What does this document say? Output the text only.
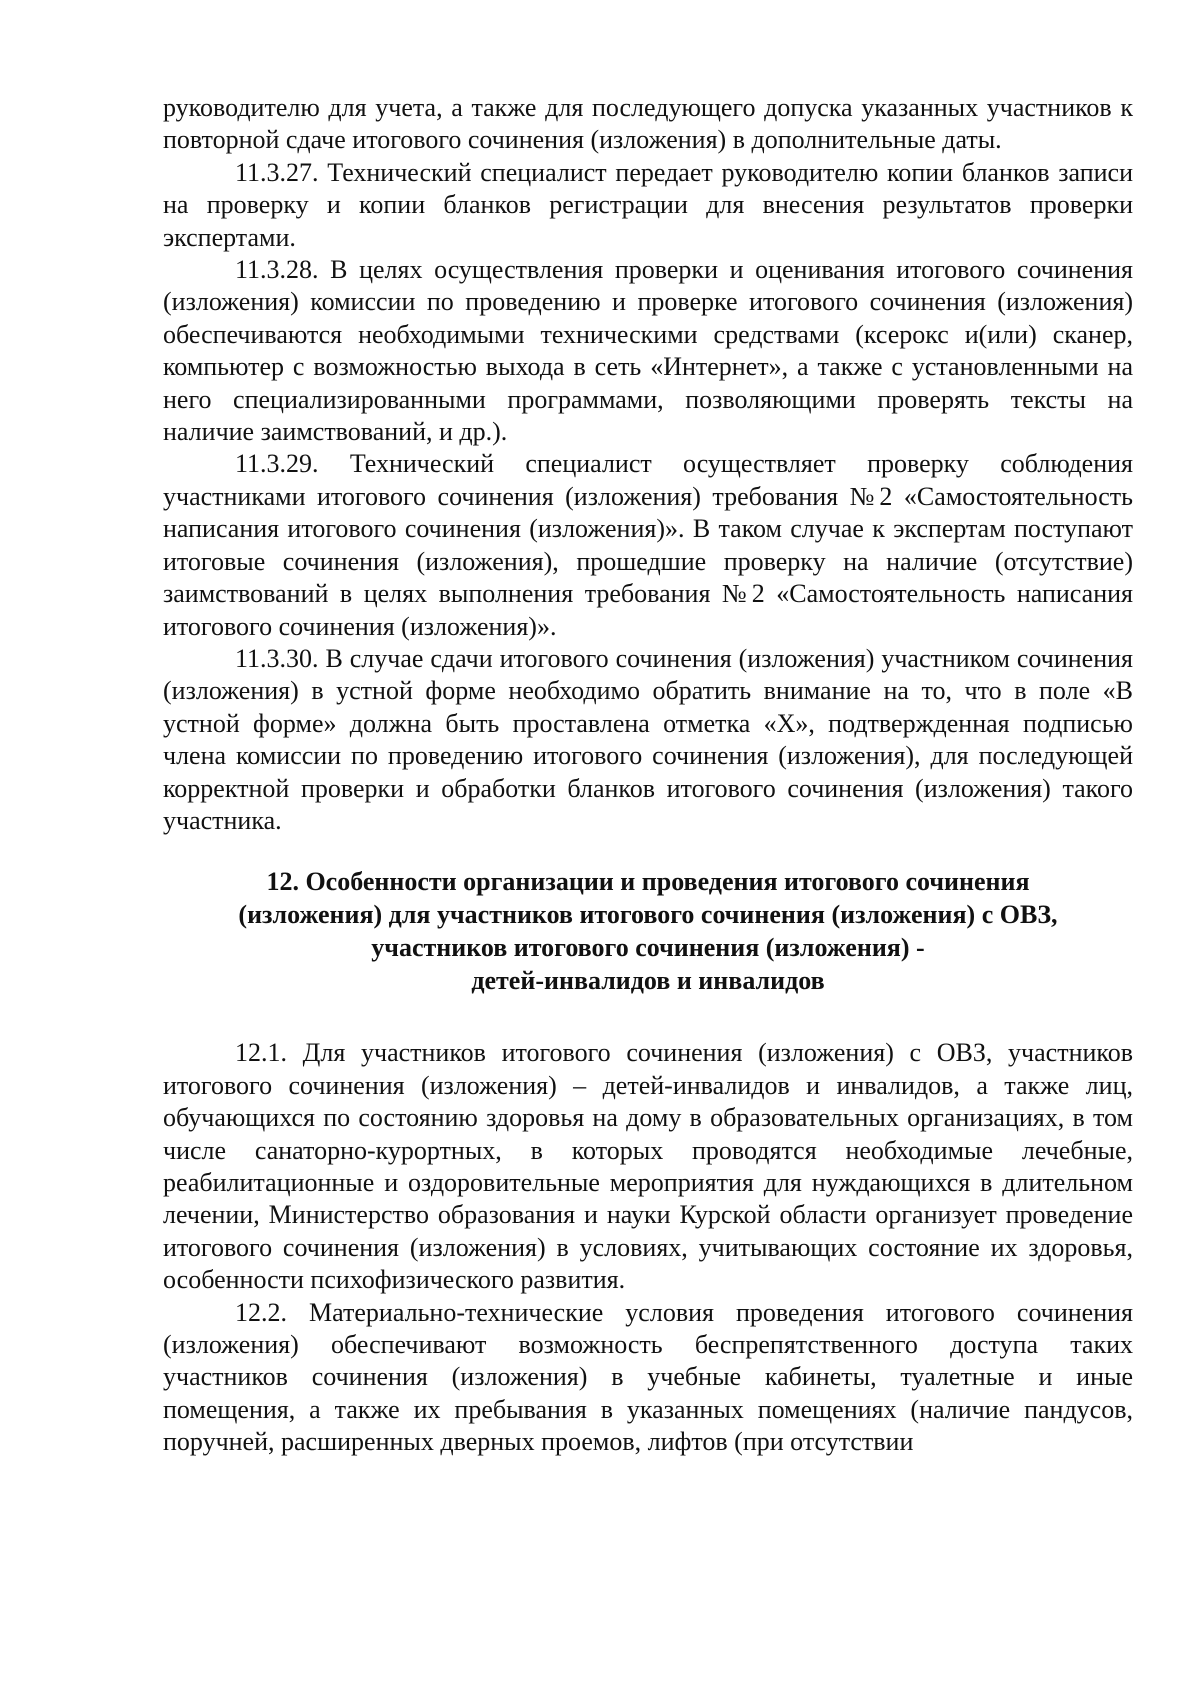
руководителю для учета, а также для последующего допуска указанных участников к повторной сдаче итогового сочинения (изложения) в дополнительные даты.

11.3.27. Технический специалист передает руководителю копии бланков записи на проверку и копии бланков регистрации для внесения результатов проверки экспертами.

11.3.28. В целях осуществления проверки и оценивания итогового сочинения (изложения) комиссии по проведению и проверке итогового сочинения (изложения) обеспечиваются необходимыми техническими средствами (ксерокс и(или) сканер, компьютер с возможностью выхода в сеть «Интернет», а также с установленными на него специализированными программами, позволяющими проверять тексты на наличие заимствований, и др.).

11.3.29. Технический специалист осуществляет проверку соблюдения участниками итогового сочинения (изложения) требования №2 «Самостоятельность написания итогового сочинения (изложения)». В таком случае к экспертам поступают итоговые сочинения (изложения), прошедшие проверку на наличие (отсутствие) заимствований в целях выполнения требования №2 «Самостоятельность написания итогового сочинения (изложения)».

11.3.30. В случае сдачи итогового сочинения (изложения) участником сочинения (изложения) в устной форме необходимо обратить внимание на то, что в поле «В устной форме» должна быть проставлена отметка «Х», подтвержденная подписью члена комиссии по проведению итогового сочинения (изложения), для последующей корректной проверки и обработки бланков итогового сочинения (изложения) такого участника.

12. Особенности организации и проведения итогового сочинения
(изложения) для участников итогового сочинения (изложения) с ОВЗ,
участников итогового сочинения (изложения) -
детей-инвалидов и инвалидов

12.1. Для участников итогового сочинения (изложения) с ОВЗ, участников итогового сочинения (изложения) – детей-инвалидов и инвалидов, а также лиц, обучающихся по состоянию здоровья на дому в образовательных организациях, в том числе санаторно-курортных, в которых проводятся необходимые лечебные, реабилитационные и оздоровительные мероприятия для нуждающихся в длительном лечении, Министерство образования и науки Курской области организует проведение итогового сочинения (изложения) в условиях, учитывающих состояние их здоровья, особенности психофизического развития.

12.2. Материально-технические условия проведения итогового сочинения (изложения) обеспечивают возможность беспрепятственного доступа таких участников сочинения (изложения) в учебные кабинеты, туалетные и иные помещения, а также их пребывания в указанных помещениях (наличие пандусов, поручней, расширенных дверных проемов, лифтов (при отсутствии
